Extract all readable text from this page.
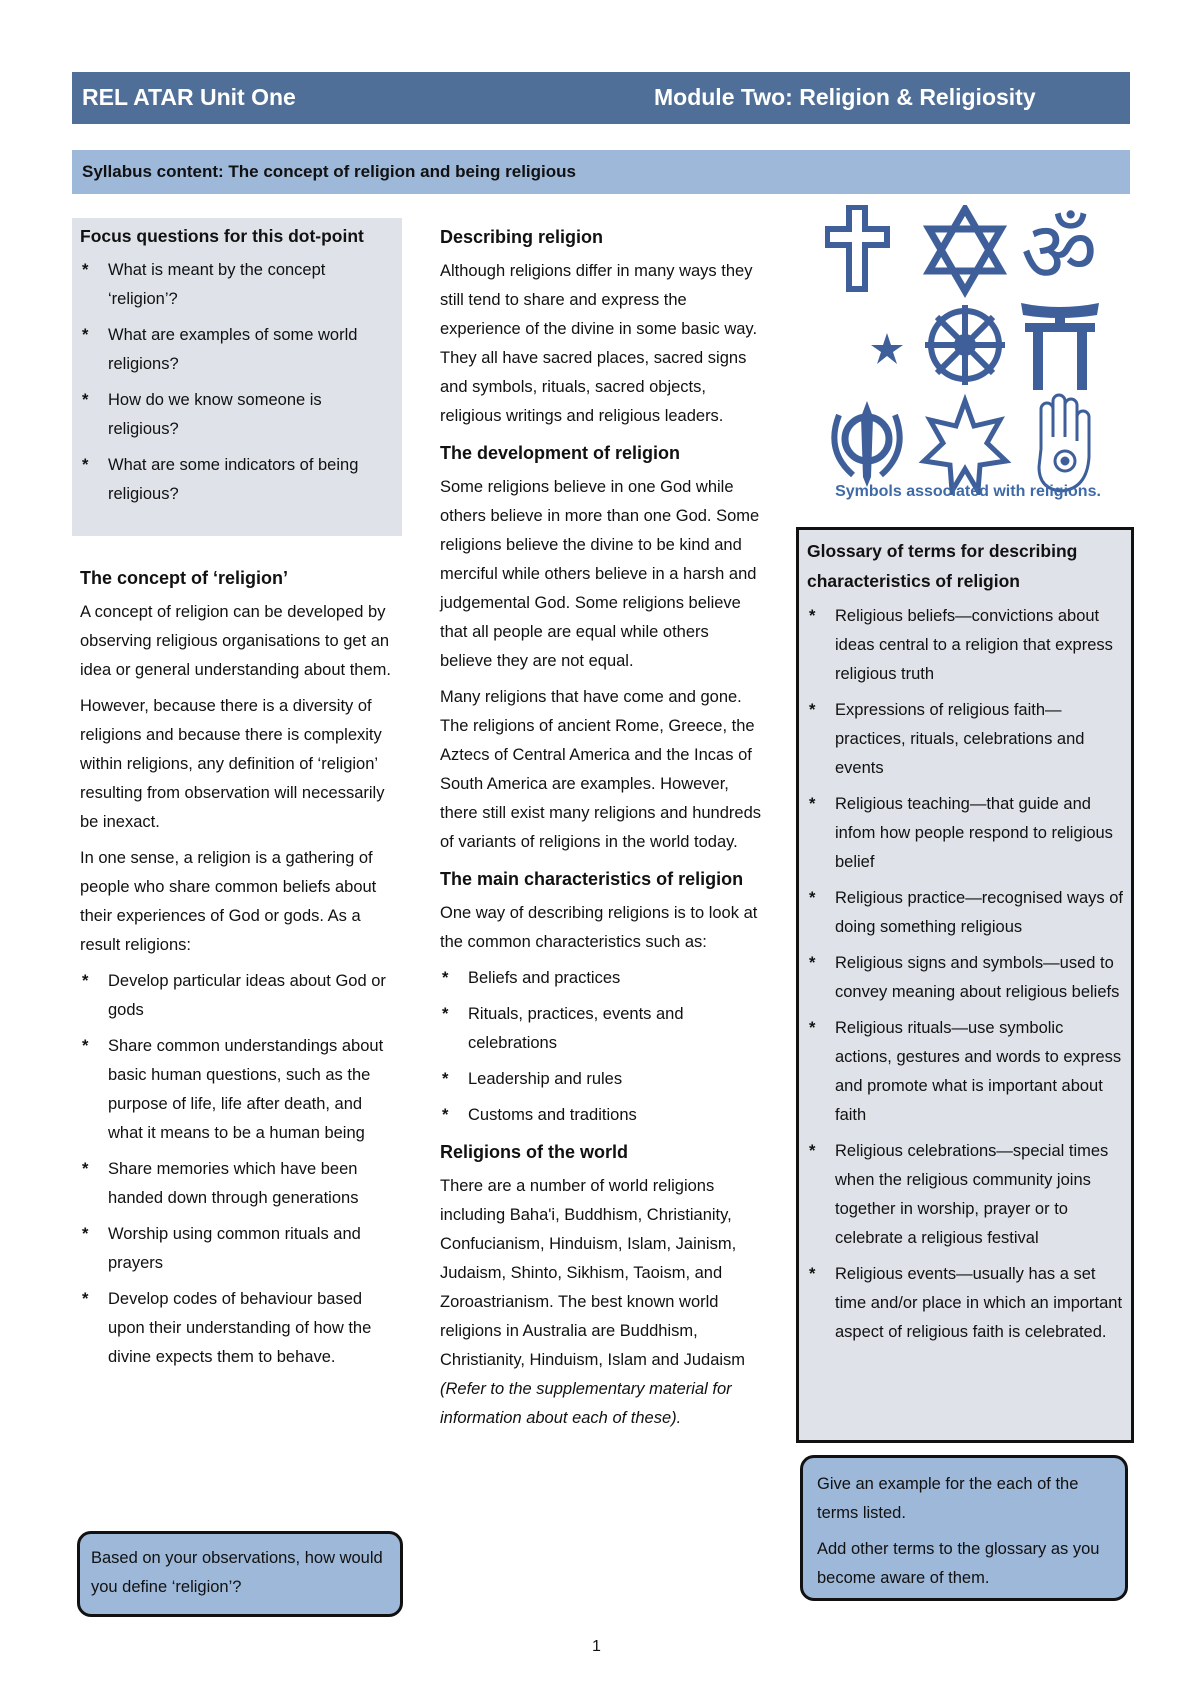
REL ATAR Unit One	Module Two: Religion & Religiosity
Syllabus content: The concept of religion and being religious
Focus questions for this dot-point
* What is meant by the concept ‘religion’?
* What are examples of some world religions?
* How do we know someone is religious?
* What are some indicators of being religious?
The concept of ‘religion’

A concept of religion can be developed by observing religious organisations to get an idea or general understanding about them.

However, because there is a diversity of religions and because there is complexity within religions, any definition of ‘religion’ resulting from observation will necessarily be inexact.

In one sense, a religion is a gathering of people who share common beliefs about their experiences of God or gods. As a result religions:

* Develop particular ideas about God or gods
* Share common understandings about basic human questions, such as the purpose of life, life after death, and what it means to be a human being
* Share memories which have been handed down through generations
* Worship using common rituals and prayers
* Develop codes of behaviour based upon their understanding of how the divine expects them to behave.
Based on your observations, how would you define ‘religion’?
Describing religion

Although religions differ in many ways they still tend to share and express the experience of the divine in some basic way. They all have sacred places, sacred signs and symbols, rituals, sacred objects, religious writings and religious leaders.

The development of religion

Some religions believe in one God while others believe in more than one God. Some religions believe the divine to be kind and merciful while others believe in a harsh and judgemental God. Some religions believe that all people are equal while others believe they are not equal.

Many religions that have come and gone. The religions of ancient Rome, Greece, the Aztecs of Central America and the Incas of South America are examples. However, there still exist many religions and hundreds of variants of religions in the world today.

The main characteristics of religion

One way of describing religions is to look at the common characteristics such as:

* Beliefs and practices
* Rituals, practices, events and celebrations
* Leadership and rules
* Customs and traditions
Religions of the world

There are a number of world religions including Baha'i, Buddhism, Christianity, Confucianism, Hinduism, Islam, Jainism, Judaism, Shinto, Sikhism, Taoism, and Zoroastrianism. The best known world religions in Australia are Buddhism, Christianity, Hinduism, Islam and Judaism (Refer to the supplementary material for information about each of these).

ॐ
Symbols associated with religions.
Glossary of terms for describing characteristics of religion
* Religious beliefs—convictions about ideas central to a religion that express religious truth
* Expressions of religious faith—practices, rituals, celebrations and events
* Religious teaching—that guide and infom how people respond to religious belief
* Religious practice—recognised ways of doing something religious
* Religious signs and symbols—used to convey meaning about religious beliefs
* Religious rituals—use symbolic actions, gestures and words to express and promote what is important about faith
* Religious celebrations—special times when the religious community joins together in worship, prayer or to celebrate a religious festival
* Religious events—usually has a set time and/or place in which an important aspect of religious faith is celebrated.

Give an example for the each of the terms listed.

Add other terms to the glossary as you become aware of them.

1
